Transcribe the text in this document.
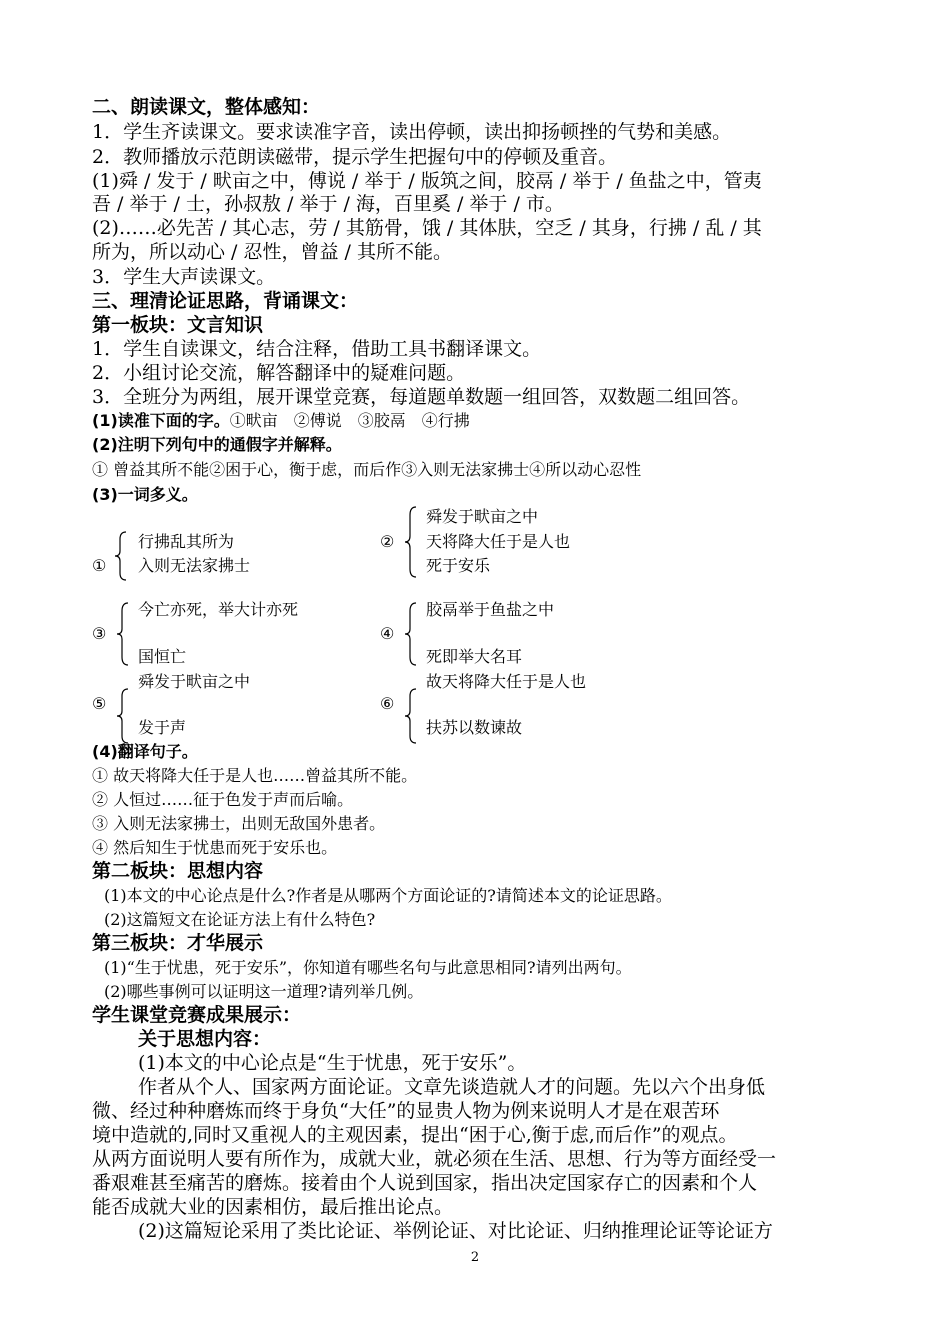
二、朗读课文，整体感知：
1．学生齐读课文。要求读准字音，读出停顿，读出抑扬顿挫的气势和美感。
2．教师播放示范朗读磁带，提示学生把握句中的停顿及重音。
(1)舜 / 发于 / 畎亩之中，傅说 / 举于 / 版筑之间，胶鬲 / 举于 / 鱼盐之中，管夷
吾 / 举于 / 士，孙叔敖 / 举于 / 海，百里奚 / 举于 / 市。
(2)……必先苦 / 其心志，劳 / 其筋骨，饿 / 其体肤，空乏 / 其身，行拂 / 乱 / 其
所为，所以动心 / 忍性，曾益 / 其所不能。
3．学生大声读课文。
三、理清论证思路，背诵课文：
第一板块：文言知识
1．学生自读课文，结合注释，借助工具书翻译课文。
2．小组讨论交流，解答翻译中的疑难问题。
3．全班分为两组，展开课堂竞赛，每道题单数题一组回答，双数题二组回答。
(1)读准下面的字。①畎亩　②傅说　③胶鬲　④行拂
(2)注明下列句中的通假字并解释。
① 曾益其所不能②困于心，衡于虑，而后作③入则无法家拂士④所以动心忍性
(3)一词多义。
①
行拂乱其所为
入则无法家拂士
②
舜发于畎亩之中
天将降大任于是人也
死于安乐
③
今亡亦死，举大计亦死
国恒亡
④
胶鬲举于鱼盐之中
死即举大名耳
⑤
舜发于畎亩之中
发于声
⑥
故天将降大任于是人也
扶苏以数谏故
(4)翻译句子。
① 故天将降大任于是人也……曾益其所不能。
② 人恒过……征于色发于声而后喻。
③ 入则无法家拂士，出则无敌国外患者。
④ 然后知生于忧患而死于安乐也。
第二板块：思想内容
(1)本文的中心论点是什么?作者是从哪两个方面论证的?请简述本文的论证思路。
(2)这篇短文在论证方法上有什么特色?
第三板块：才华展示
(1)“生于忧患，死于安乐”，你知道有哪些名句与此意思相同?请列出两句。
(2)哪些事例可以证明这一道理?请列举几例。
学生课堂竞赛成果展示：
关于思想内容：
(1)本文的中心论点是“生于忧患，死于安乐”。
作者从个人、国家两方面论证。文章先谈造就人才的问题。先以六个出身低
微、经过种种磨炼而终于身负“大任”的显贵人物为例来说明人才是在艰苦环
境中造就的,同时又重视人的主观因素，提出“困于心,衡于虑,而后作”的观点。
从两方面说明人要有所作为，成就大业，就必须在生活、思想、行为等方面经受一
番艰难甚至痛苦的磨炼。接着由个人说到国家，指出决定国家存亡的因素和个人
能否成就大业的因素相仿，最后推出论点。
(2)这篇短论采用了类比论证、举例论证、对比论证、归纳推理论证等论证方
2
